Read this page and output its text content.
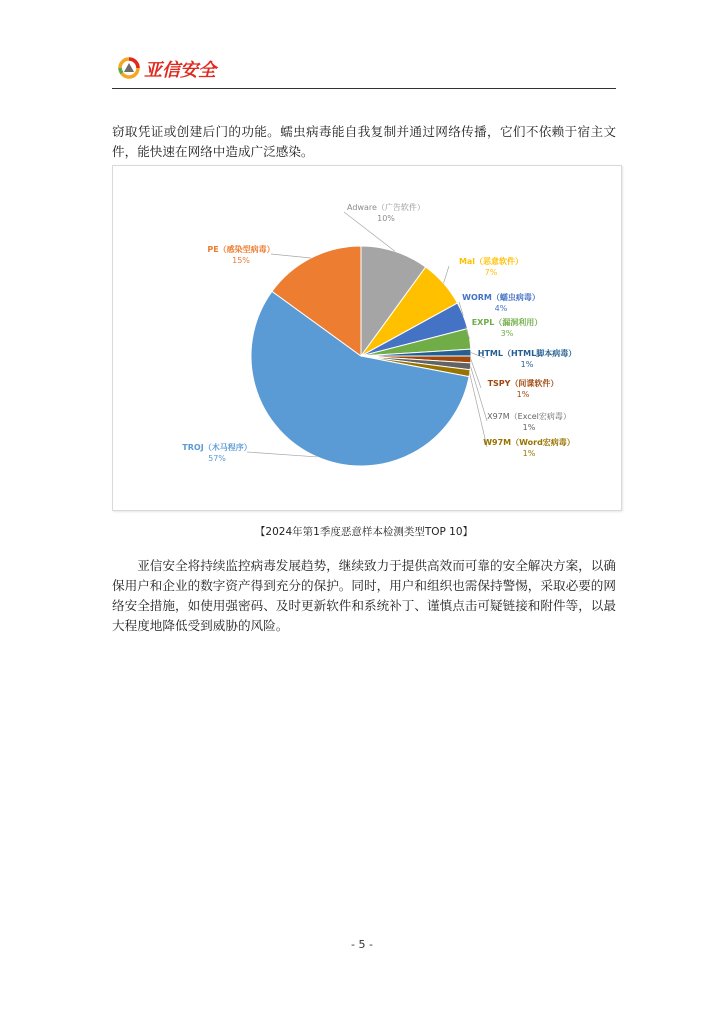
亚信安全

窃取凭证或创建后门的功能。蠕虫病毒能自我复制并通过网络传播，它们不依赖于宿主文件，能快速在网络中造成广泛感染。

TROJ（木马程序）
57%
PE（感染型病毒）
15%
Adware（广告软件）
10%
Mal（恶意软件）
7%
WORM（蠕虫病毒）
4%
EXPL（漏洞利用）
3%
HTML（HTML脚本病毒）
1%
TSPY（间谍软件）
1%
X97M（Excel宏病毒）
1%
W97M（Word宏病毒）
1%

【2024年第1季度恶意样本检测类型TOP 10】

亚信安全将持续监控病毒发展趋势，继续致力于提供高效而可靠的安全解决方案，以确保用户和企业的数字资产得到充分的保护。同时，用户和组织也需保持警惕，采取必要的网络安全措施，如使用强密码、及时更新软件和系统补丁、谨慎点击可疑链接和附件等，以最大程度地降低受到威胁的风险。

- 5 -
